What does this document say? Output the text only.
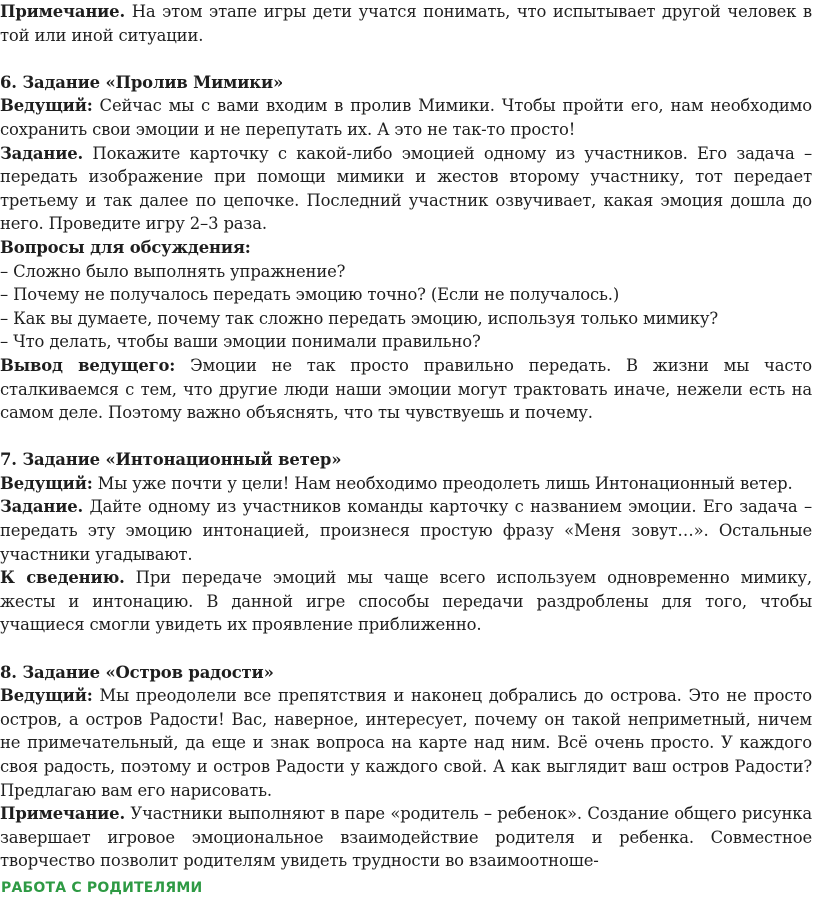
Примечание. На этом этапе игры дети учатся понимать, что испытывает другой человек в той или иной ситуации.

6. Задание «Пролив Мимики»

Ведущий: Сейчас мы с вами входим в пролив Мимики. Чтобы пройти его, нам необходимо сохранить свои эмоции и не перепутать их. А это не так-то просто!

Задание. Покажите карточку с какой-либо эмоцией одному из участников. Его задача – передать изображение при помощи мимики и жестов второму участнику, тот передает третьему и так далее по цепочке. Последний участник озвучивает, какая эмоция дошла до него. Проведите игру 2–3 раза.

Вопросы для обсуждения:

– Сложно было выполнять упражнение?

– Почему не получалось передать эмоцию точно? (Если не получалось.)

– Как вы думаете, почему так сложно передать эмоцию, используя только мимику?

– Что делать, чтобы ваши эмоции понимали правильно?

Вывод ведущего: Эмоции не так просто правильно передать. В жизни мы часто сталкиваемся с тем, что другие люди наши эмоции могут трактовать иначе, нежели есть на самом деле. Поэтому важно объяснять, что ты чувствуешь и почему.

7. Задание «Интонационный ветер»

Ведущий: Мы уже почти у цели! Нам необходимо преодолеть лишь Интонационный ветер.

Задание. Дайте одному из участников команды карточку с названием эмоции. Его задача – передать эту эмоцию интонацией, произнеся простую фразу «Меня зовут…». Остальные участники угадывают.

К сведению. При передаче эмоций мы чаще всего используем одновременно мимику, жесты и интонацию. В данной игре способы передачи раздроблены для того, чтобы учащиеся смогли увидеть их проявление приближенно.

8. Задание «Остров радости»

Ведущий: Мы преодолели все препятствия и наконец добрались до острова. Это не просто остров, а остров Радости! Вас, наверное, интересует, почему он такой неприметный, ничем не примечательный, да еще и знак вопроса на карте над ним. Всё очень просто. У каждого своя радость, поэтому и остров Радости у каждого свой. А как выглядит ваш остров Радости? Предлагаю вам его нарисовать.

Примечание. Участники выполняют в паре «родитель – ребенок». Создание общего рисунка завершает игровое эмоциональное взаимодействие родителя и ребенка. Совместное творчество позволит родителям увидеть трудности во взаимоотноше-

РАБОТА С РОДИТЕЛЯМИ
